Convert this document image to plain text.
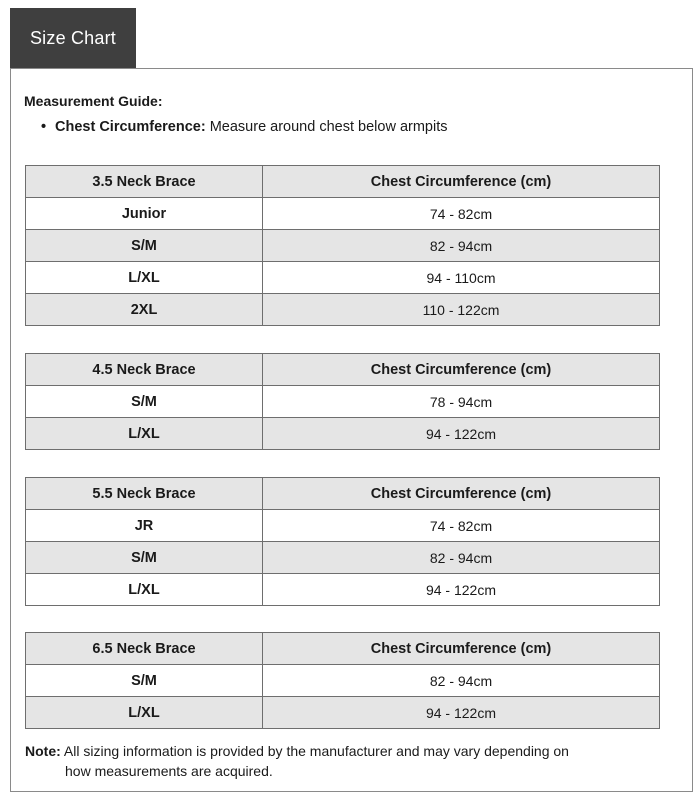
Size Chart
Measurement Guide:
• Chest Circumference: Measure around chest below armpits
3.5 Neck Brace	Chest Circumference (cm)
Junior	74 - 82cm
S/M	82 - 94cm
L/XL	94 - 110cm
2XL	110 - 122cm
4.5 Neck Brace	Chest Circumference (cm)
S/M	78 - 94cm
L/XL	94 - 122cm
5.5 Neck Brace	Chest Circumference (cm)
JR	74 - 82cm
S/M	82 - 94cm
L/XL	94 - 122cm
6.5 Neck Brace	Chest Circumference (cm)
S/M	82 - 94cm
L/XL	94 - 122cm
Note: All sizing information is provided by the manufacturer and may vary depending on
how measurements are acquired.
